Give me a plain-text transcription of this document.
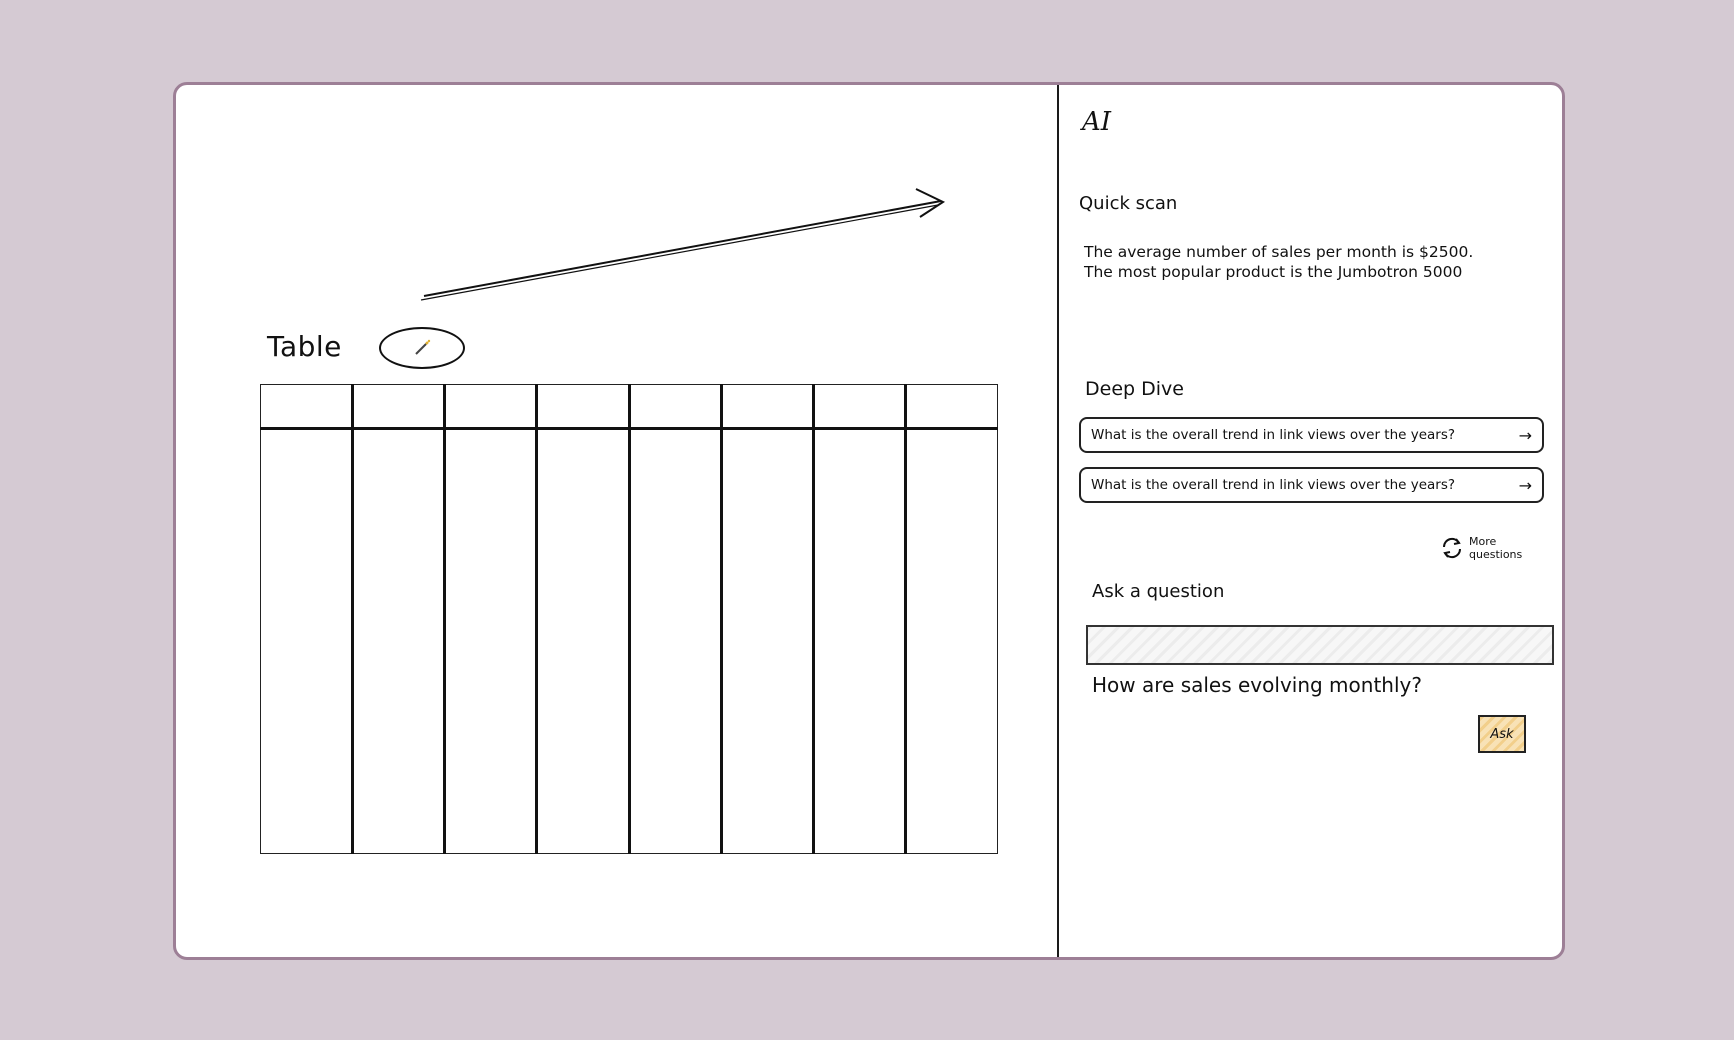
Table

AI
Quick scan
The average number of sales per month is $2500.
The most popular product is the Jumbotron 5000
Deep Dive
What is the overall trend in link views over the years?	→
What is the overall trend in link views over the years?	→
More questions
Ask a question
How are sales evolving monthly?
Ask
